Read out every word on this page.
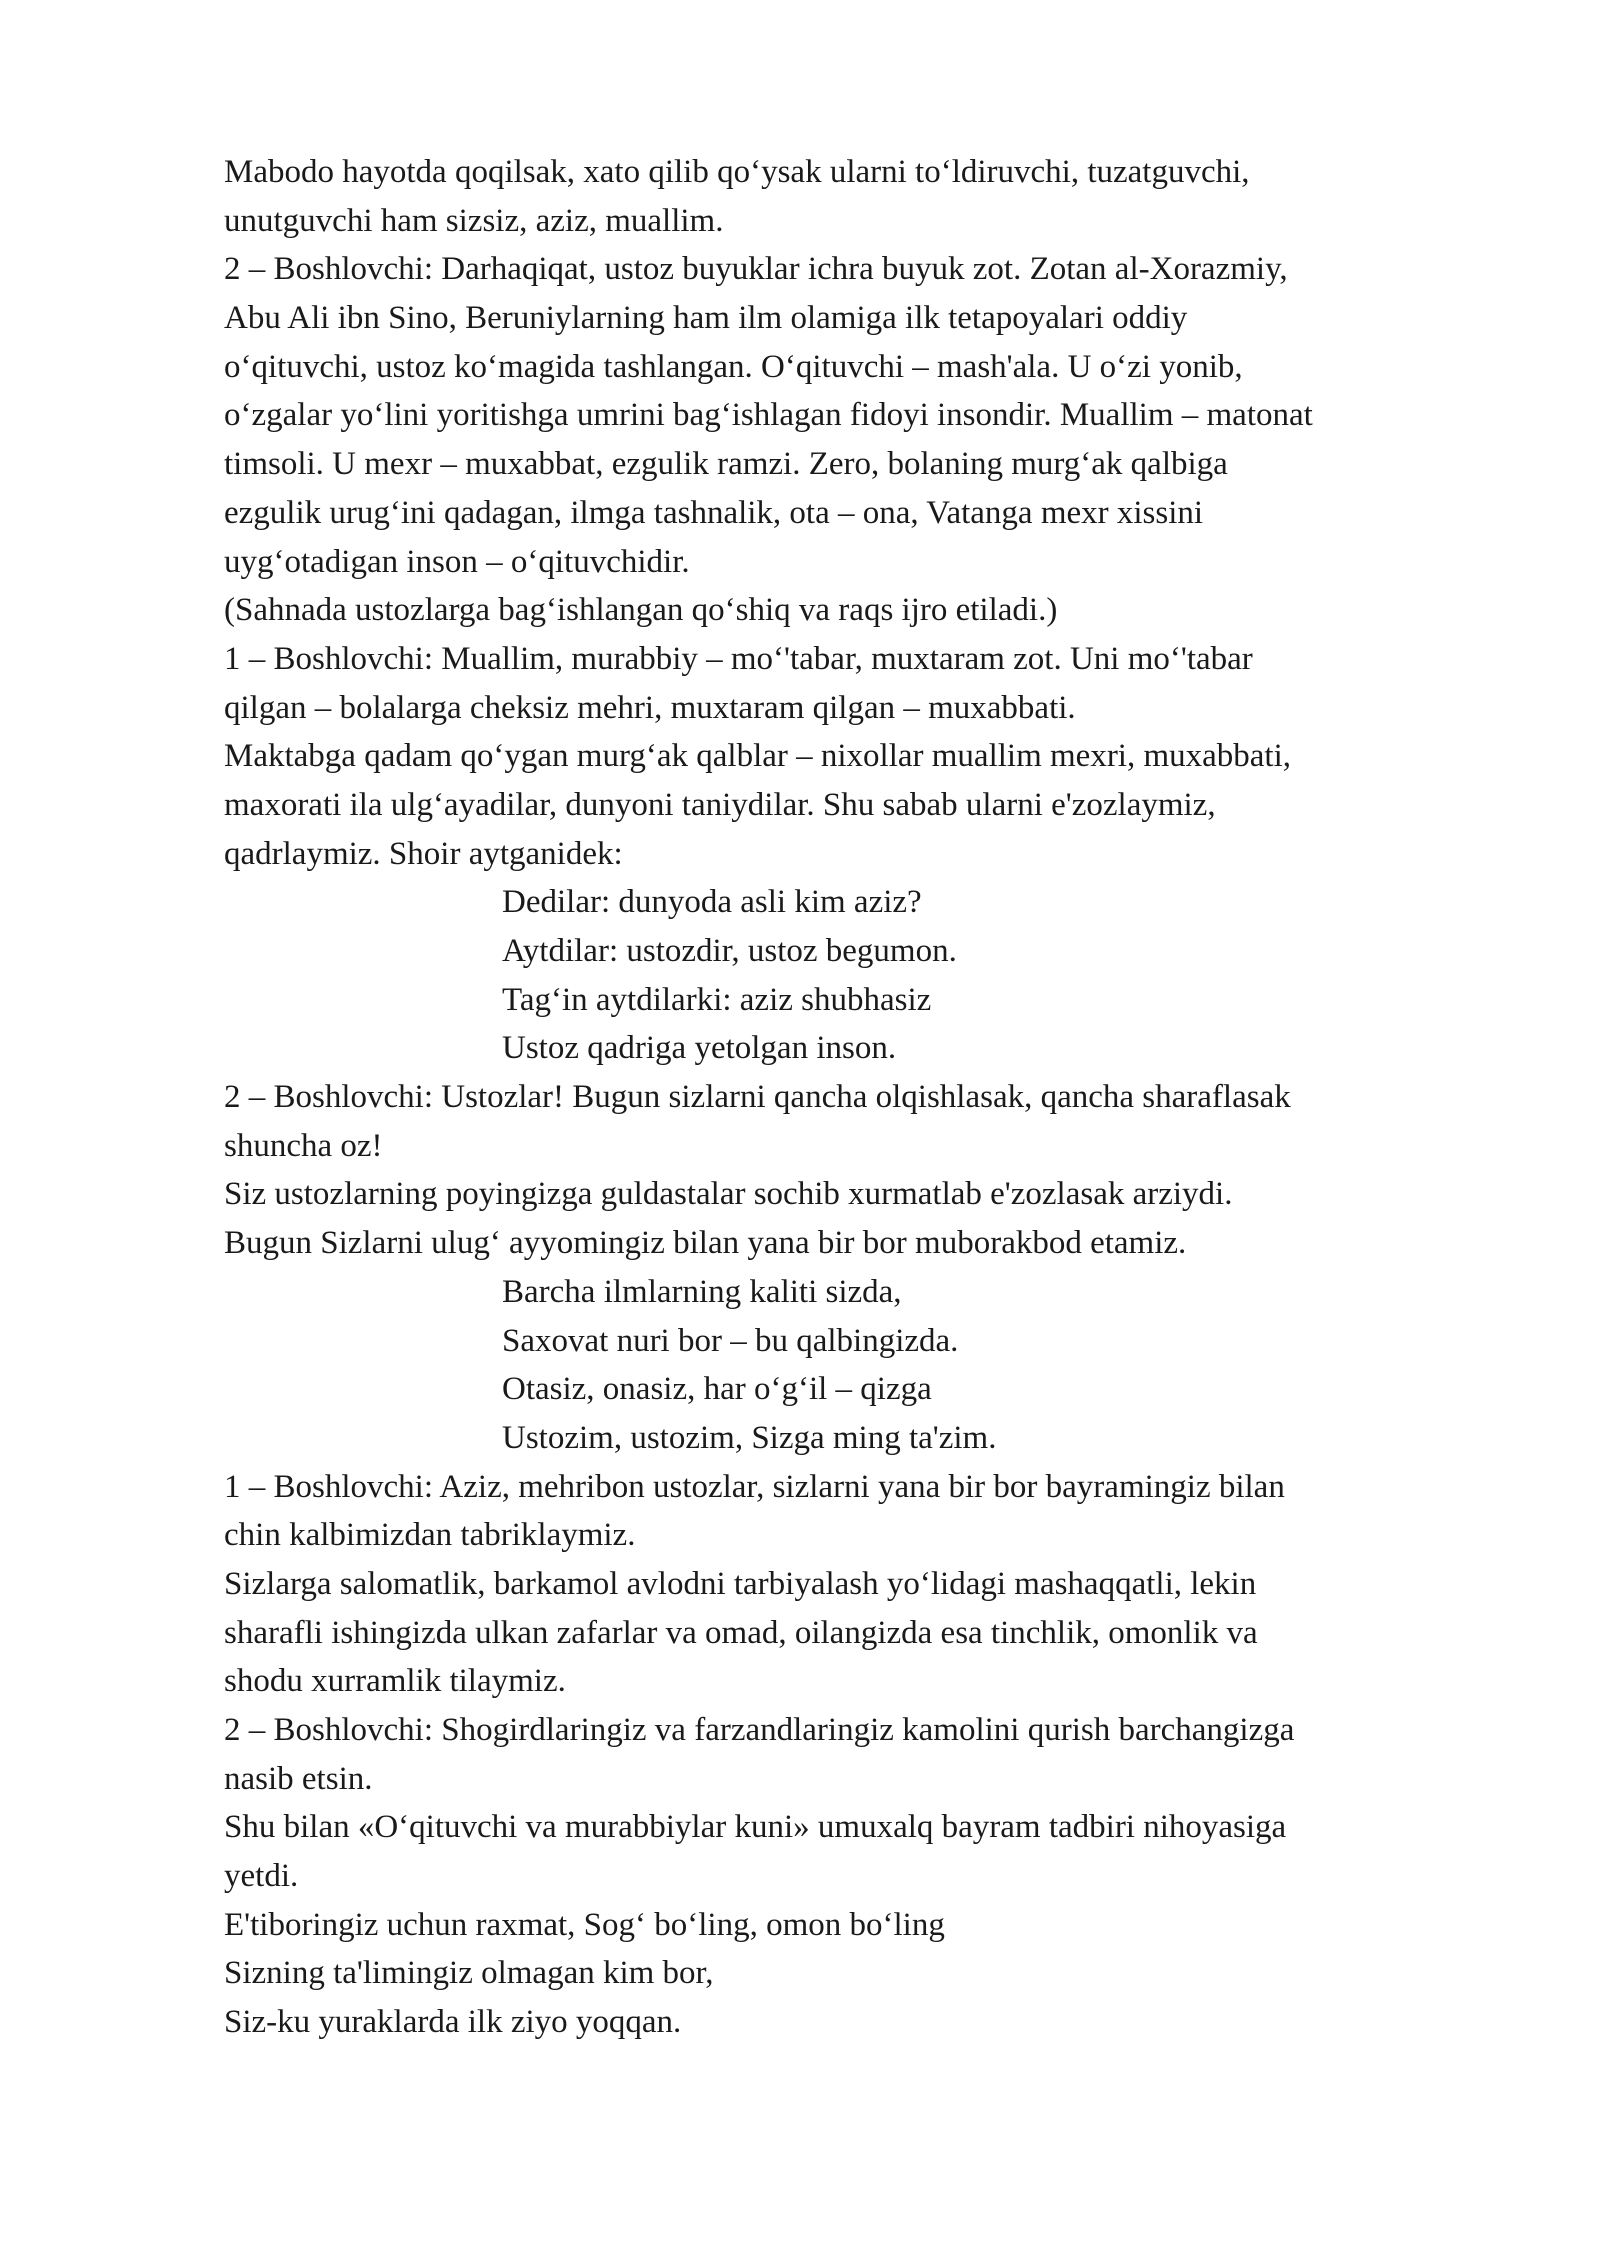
Mabodo hayotda qoqilsak, xato qilib qo‘ysak ularni to‘ldiruvchi, tuzatguvchi,
unutguvchi ham sizsiz, aziz, muallim.
2 – Boshlovchi: Darhaqiqat, ustoz buyuklar ichra buyuk zot. Zotan al-Xorazmiy,
Abu Ali ibn Sino, Beruniylarning ham ilm olamiga ilk tetapoyalari oddiy
o‘qituvchi, ustoz ko‘magida tashlangan. O‘qituvchi – mash'ala. U o‘zi yonib,
o‘zgalar yo‘lini yoritishga umrini bag‘ishlagan fidoyi insondir. Muallim – matonat
timsoli. U mexr – muxabbat, ezgulik ramzi. Zero, bolaning murg‘ak qalbiga
ezgulik urug‘ini qadagan, ilmga tashnalik, ota – ona, Vatanga mexr xissini
uyg‘otadigan inson – o‘qituvchidir.
(Sahnada ustozlarga bag‘ishlangan qo‘shiq va raqs ijro etiladi.)
1 – Boshlovchi: Muallim, murabbiy – mo‘'tabar, muxtaram zot. Uni mo‘'tabar
qilgan – bolalarga cheksiz mehri, muxtaram qilgan – muxabbati.
Maktabga qadam qo‘ygan murg‘ak qalblar – nixollar muallim mexri, muxabbati,
maxorati ila ulg‘ayadilar, dunyoni taniydilar. Shu sabab ularni e'zozlaymiz,
qadrlaymiz. Shoir aytganidek:
Dedilar: dunyoda asli kim aziz?
Aytdilar: ustozdir, ustoz begumon.
Tag‘in aytdilarki: aziz shubhasiz
Ustoz qadriga yetolgan inson.
2 – Boshlovchi: Ustozlar! Bugun sizlarni qancha olqishlasak, qancha sharaflasak
shuncha oz!
Siz ustozlarning poyingizga guldastalar sochib xurmatlab e'zozlasak arziydi.
Bugun Sizlarni ulug‘ ayyomingiz bilan yana bir bor muborakbod etamiz.
Barcha ilmlarning kaliti sizda,
Saxovat nuri bor – bu qalbingizda.
Otasiz, onasiz, har o‘g‘il – qizga
Ustozim, ustozim, Sizga ming ta'zim.
1 – Boshlovchi: Aziz, mehribon ustozlar, sizlarni yana bir bor bayramingiz bilan
chin kalbimizdan tabriklaymiz.
Sizlarga salomatlik, barkamol avlodni tarbiyalash yo‘lidagi mashaqqatli, lekin
sharafli ishingizda ulkan zafarlar va omad, oilangizda esa tinchlik, omonlik va
shodu xurramlik tilaymiz.
2 – Boshlovchi: Shogirdlaringiz va farzandlaringiz kamolini qurish barchangizga
nasib etsin.
Shu bilan «O‘qituvchi va murabbiylar kuni» umuxalq bayram tadbiri nihoyasiga
yetdi.
E'tiboringiz uchun raxmat, Sog‘ bo‘ling, omon bo‘ling
Sizning ta'limingiz olmagan kim bor,
Siz-ku yuraklarda ilk ziyo yoqqan.
